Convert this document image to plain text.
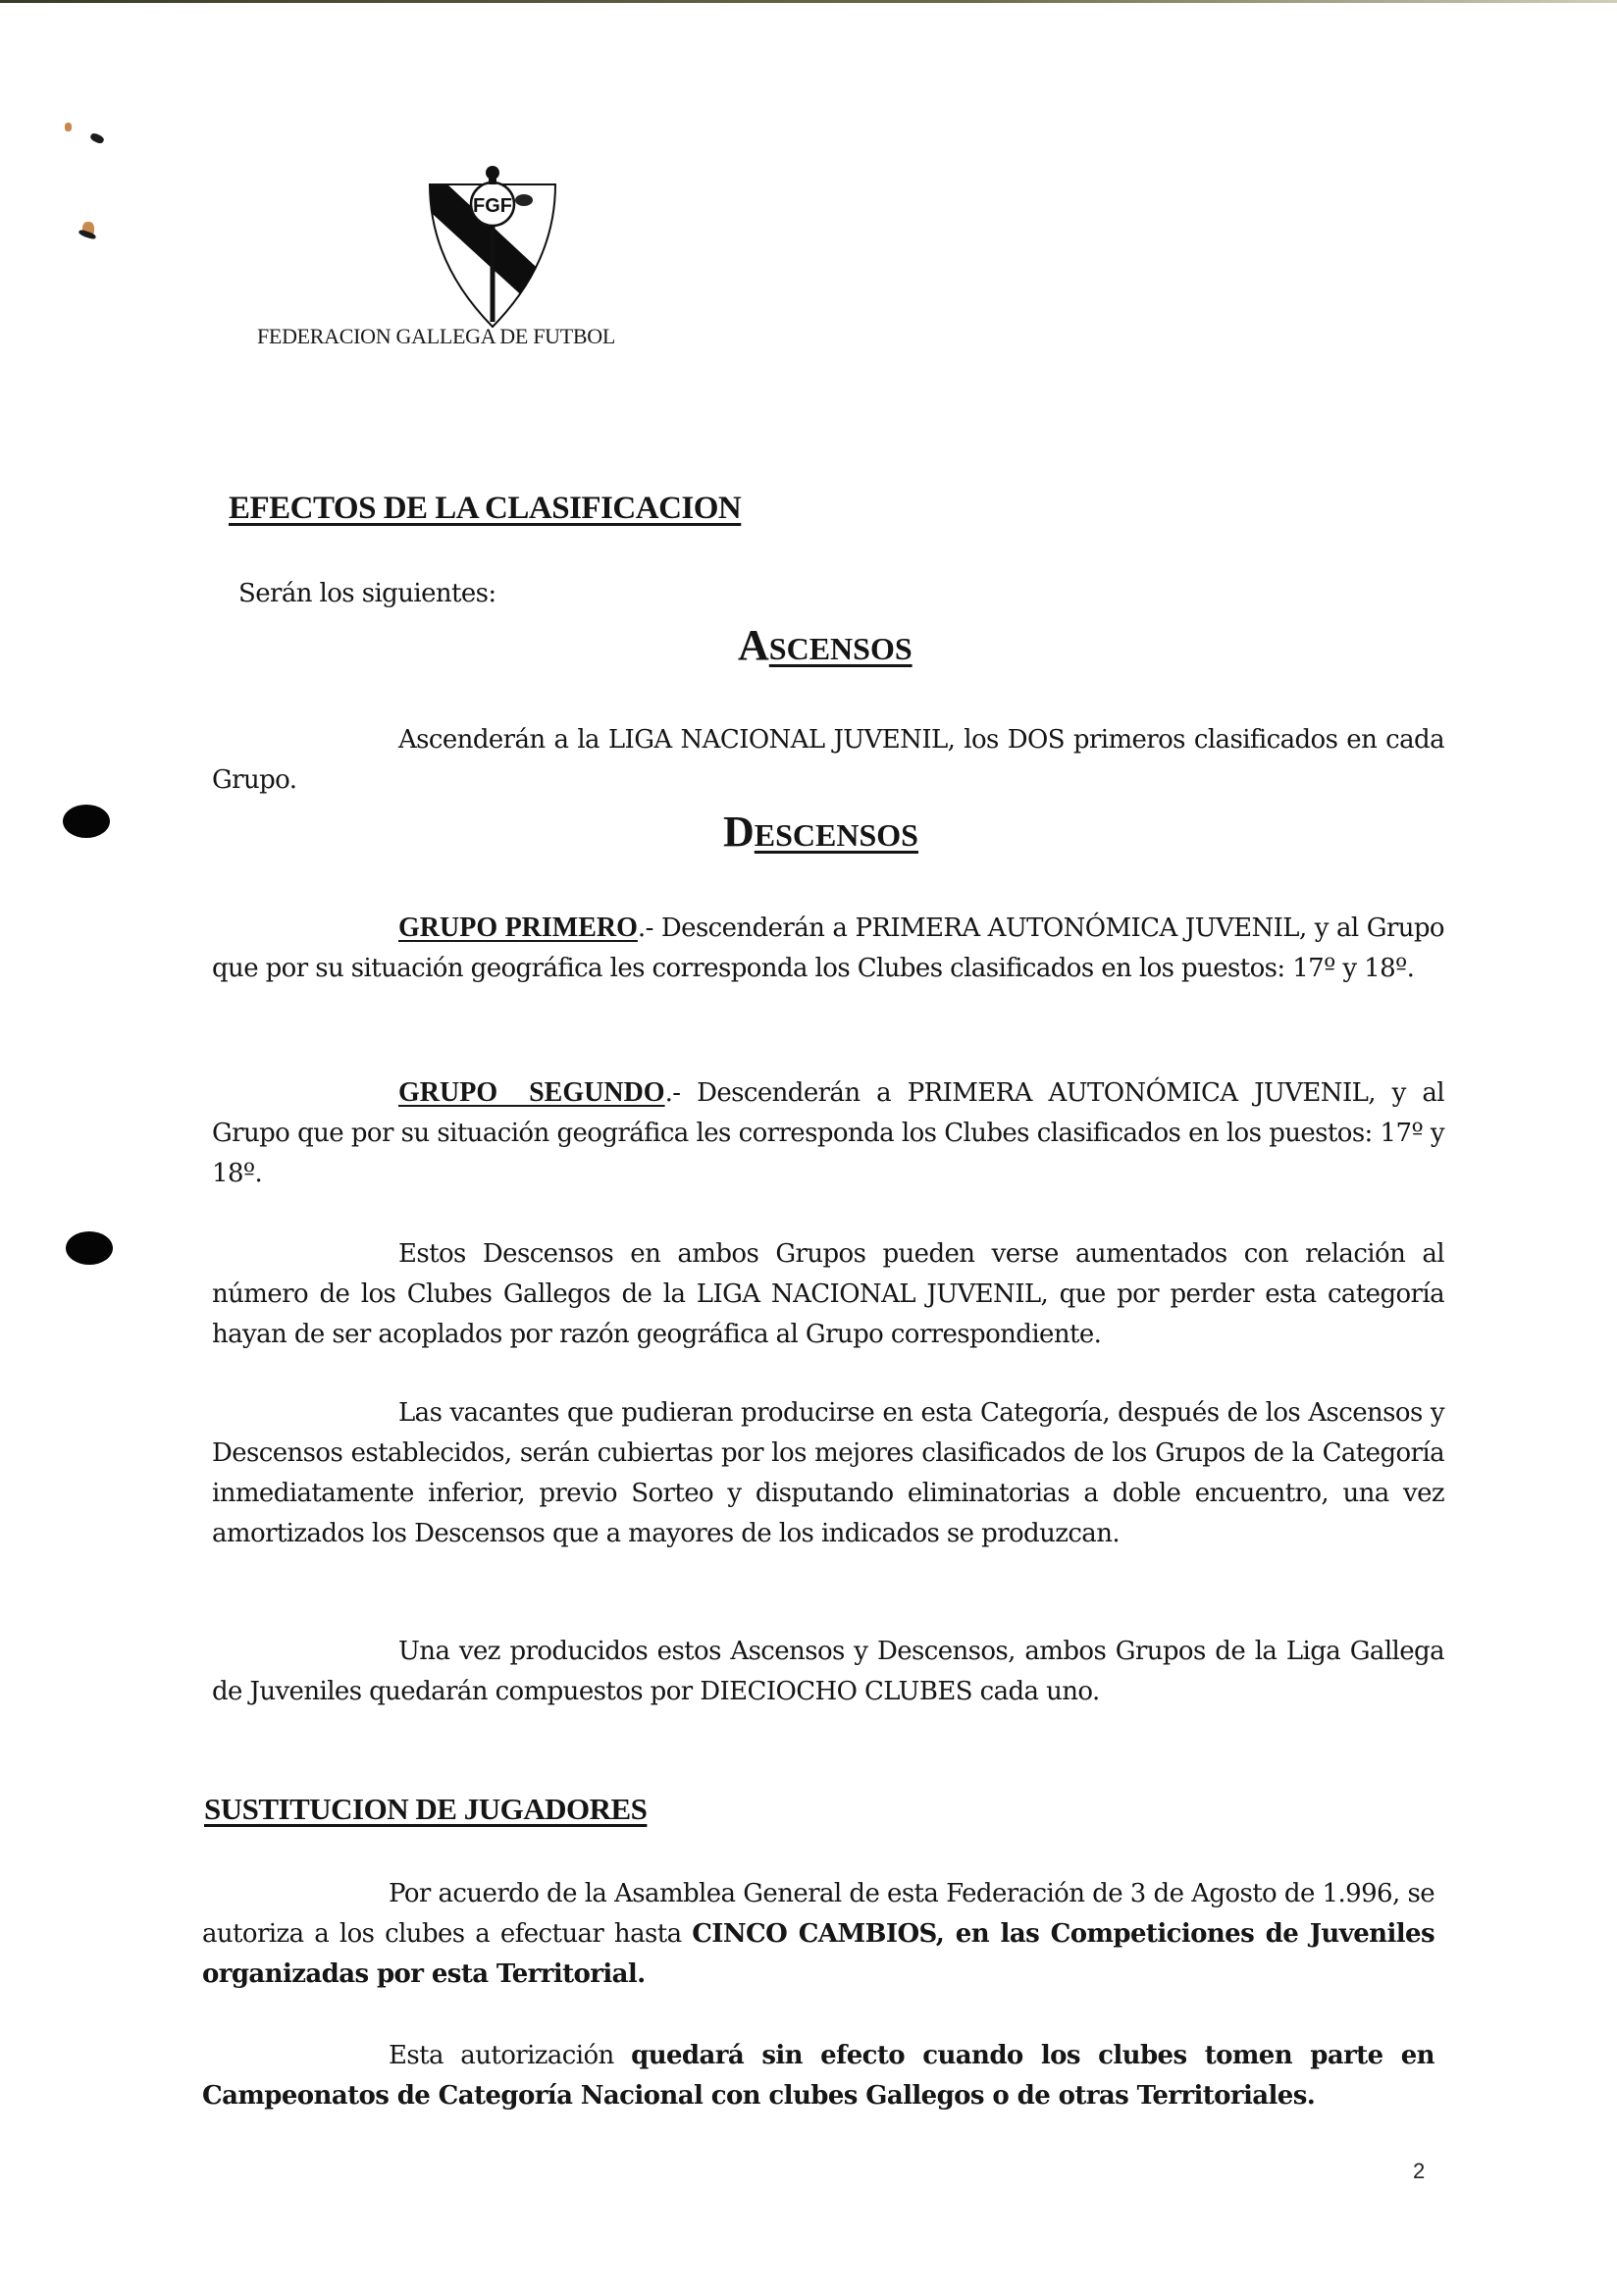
FGF
FEDERACION GALLEGA DE FUTBOL
EFECTOS DE LA CLASIFICACION
Serán los siguientes:
ASCENSOS
Ascenderán a la LIGA NACIONAL JUVENIL, los DOS primeros clasificados en cada Grupo.
DESCENSOS
GRUPO PRIMERO.- Descenderán a PRIMERA AUTONÓMICA JUVENIL, y al Grupo que por su situación geográfica les corresponda los Clubes clasificados en los puestos: 17º y 18º.
GRUPO  SEGUNDO.- Descenderán a PRIMERA AUTONÓMICA JUVENIL, y al Grupo que por su situación geográfica les corresponda los Clubes clasificados en los puestos: 17º y 18º.
Estos Descensos en ambos Grupos pueden verse aumentados con relación al número de los Clubes Gallegos de la LIGA NACIONAL JUVENIL, que por perder esta categoría hayan de ser acoplados por razón geográfica al Grupo correspondiente.
Las vacantes que pudieran producirse en esta Categoría, después de los Ascensos y Descensos establecidos, serán cubiertas por los mejores clasificados de los Grupos de la Categoría inmediatamente inferior, previo Sorteo y disputando eliminatorias a doble encuentro, una vez amortizados los Descensos que a mayores de los indicados se produzcan.
Una vez producidos estos Ascensos y Descensos, ambos Grupos de la Liga Gallega de Juveniles quedarán compuestos por DIECIOCHO CLUBES cada uno.
SUSTITUCION DE JUGADORES
Por acuerdo de la Asamblea General de esta Federación de 3 de Agosto de 1.996, se autoriza a los clubes a efectuar hasta CINCO CAMBIOS, en las Competiciones de Juveniles organizadas por esta Territorial.
Esta autorización quedará sin efecto cuando los clubes tomen parte en Campeonatos de Categoría Nacional con clubes Gallegos o de otras Territoriales.
2
